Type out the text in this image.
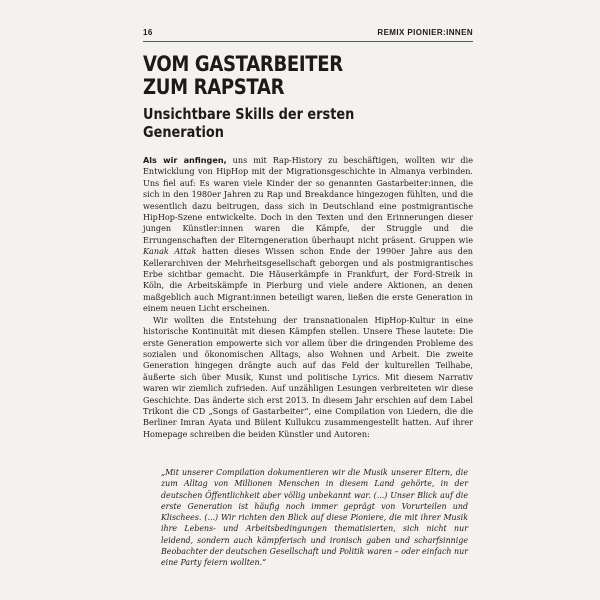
16	REMIX PIONIER:INNEN
VOM GASTARBEITER
ZUM RAPSTAR
Unsichtbare Skills der ersten Generation

Als wir anfingen, uns mit Rap-History zu beschäftigen, wollten wir die Entwicklung von HipHop mit der Migrationsgeschichte in Almanya verbinden. Uns fiel auf: Es waren viele Kinder der so genannten Gastarbeiter:innen, die sich in den 1980er Jahren zu Rap und Breakdance hingezogen fühlten, und die wesentlich dazu beitrugen, dass sich in Deutschland eine postmigrantische HipHop-Szene entwickelte. Doch in den Texten und den Erinnerungen dieser jungen Künstler:innen waren die Kämpfe, der Struggle und die Errungenschaften der Elterngeneration überhaupt nicht präsent. Gruppen wie Kanak Attak hatten dieses Wissen schon Ende der 1990er Jahre aus den Kellerarchiven der Mehrheitsgesellschaft geborgen und als postmigrantisches Erbe sichtbar gemacht. Die Häuserkämpfe in Frankfurt, der Ford-Streik in Köln, die Arbeitskämpfe in Pierburg und viele andere Aktionen, an denen maßgeblich auch Migrant:innen beteiligt waren, ließen die erste Generation in einem neuen Licht erscheinen.

Wir wollten die Entstehung der transnationalen HipHop-Kultur in eine historische Kontinuität mit diesen Kämpfen stellen. Unsere These lautete: Die erste Generation empowerte sich vor allem über die dringenden Probleme des sozialen und ökonomischen Alltags, also Wohnen und Arbeit. Die zweite Generation hingegen drängte auch auf das Feld der kulturellen Teilhabe, äußerte sich über Musik, Kunst und politische Lyrics. Mit diesem Narrativ waren wir ziemlich zufrieden. Auf unzähligen Lesungen verbreiteten wir diese Geschichte. Das änderte sich erst 2013. In diesem Jahr erschien auf dem Label Trikont die CD „Songs of Gastarbeiter“, eine Compilation von Liedern, die die Berliner Imran Ayata und Bülent Kullukcu zusammengestellt hatten. Auf ihrer Homepage schreiben die beiden Künstler und Autoren:

„Mit unserer Compilation dokumentieren wir die Musik unserer Eltern, die zum Alltag von Millionen Menschen in diesem Land gehörte, in der deutschen Öffentlichkeit aber völlig unbekannt war. (...) Unser Blick auf die erste Generation ist häufig noch immer geprägt von Vorurteilen und Klischees. (...) Wir richten den Blick auf diese Pioniere, die mit ihrer Musik ihre Lebens- und Arbeitsbedingungen thematisierten, sich nicht nur leidend, sondern auch kämpferisch und ironisch gaben und scharfsinnige Beobachter der deutschen Gesellschaft und Politik waren – oder einfach nur eine Party feiern wollten.“
